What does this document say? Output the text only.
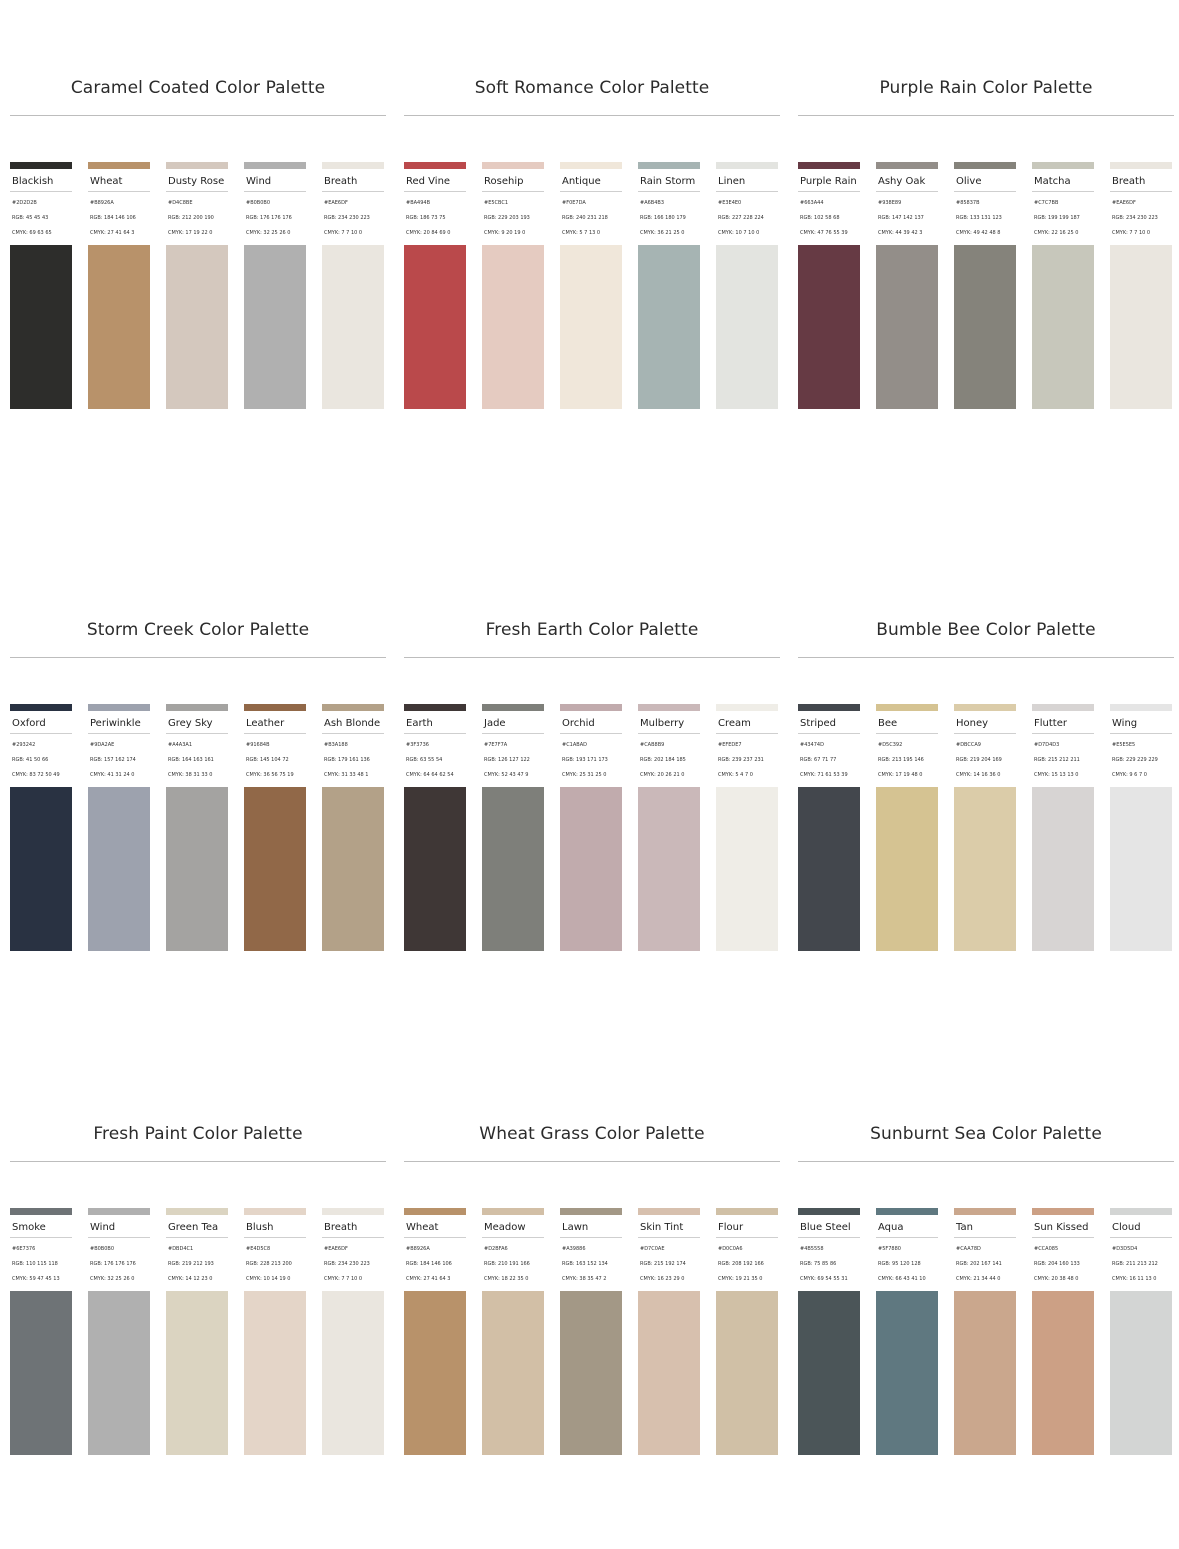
Caramel Coated Color Palette
Blackish
#2D2D2B
RGB: 45 45 43
CMYK: 69 63 65
Wheat
#B8926A
RGB: 184 146 106
CMYK: 27 41 64 3
Dusty Rose
#D4C8BE
RGB: 212 200 190
CMYK: 17 19 22 0
Wind
#B0B0B0
RGB: 176 176 176
CMYK: 32 25 26 0
Breath
#EAE6DF
RGB: 234 230 223
CMYK: 7 7 10 0
Soft Romance Color Palette
Red Vine
#BA494B
RGB: 186 73 75
CMYK: 20 84 69 0
Rosehip
#E5CBC1
RGB: 229 203 193
CMYK: 9 20 19 0
Antique
#F0E7DA
RGB: 240 231 218
CMYK: 5 7 13 0
Rain Storm
#A6B4B3
RGB: 166 180 179
CMYK: 36 21 25 0
Linen
#E3E4E0
RGB: 227 228 224
CMYK: 10 7 10 0
Purple Rain Color Palette
Purple Rain
#663A44
RGB: 102 58 68
CMYK: 47 76 55 39
Ashy Oak
#938E89
RGB: 147 142 137
CMYK: 44 39 42 3
Olive
#85837B
RGB: 133 131 123
CMYK: 49 42 48 8
Matcha
#C7C7BB
RGB: 199 199 187
CMYK: 22 16 25 0
Breath
#EAE6DF
RGB: 234 230 223
CMYK: 7 7 10 0
Storm Creek Color Palette
Oxford
#293242
RGB: 41 50 66
CMYK: 83 72 50 49
Periwinkle
#9DA2AE
RGB: 157 162 174
CMYK: 41 31 24 0
Grey Sky
#A4A3A1
RGB: 164 163 161
CMYK: 38 31 33 0
Leather
#91684B
RGB: 145 104 72
CMYK: 36 56 75 19
Ash Blonde
#B3A188
RGB: 179 161 136
CMYK: 31 33 48 1
Fresh Earth Color Palette
Earth
#3F3736
RGB: 63 55 54
CMYK: 64 64 62 54
Jade
#7E7F7A
RGB: 126 127 122
CMYK: 52 43 47 9
Orchid
#C1ABAD
RGB: 193 171 173
CMYK: 25 31 25 0
Mulberry
#CAB8B9
RGB: 202 184 185
CMYK: 20 26 21 0
Cream
#EFEDE7
RGB: 239 237 231
CMYK: 5 4 7 0
Bumble Bee Color Palette
Striped
#43474D
RGB: 67 71 77
CMYK: 71 61 53 39
Bee
#D5C392
RGB: 213 195 146
CMYK: 17 19 48 0
Honey
#DBCCA9
RGB: 219 204 169
CMYK: 14 16 36 0
Flutter
#D7D4D3
RGB: 215 212 211
CMYK: 15 13 13 0
Wing
#E5E5E5
RGB: 229 229 229
CMYK: 9 6 7 0
Fresh Paint Color Palette
Smoke
#6E7376
RGB: 110 115 118
CMYK: 59 47 45 13
Wind
#B0B0B0
RGB: 176 176 176
CMYK: 32 25 26 0
Green Tea
#DBD4C1
RGB: 219 212 193
CMYK: 14 12 23 0
Blush
#E4D5C8
RGB: 228 213 200
CMYK: 10 14 19 0
Breath
#EAE6DF
RGB: 234 230 223
CMYK: 7 7 10 0
Wheat Grass Color Palette
Wheat
#B8926A
RGB: 184 146 106
CMYK: 27 41 64 3
Meadow
#D2BFA6
RGB: 210 191 166
CMYK: 18 22 35 0
Lawn
#A39886
RGB: 163 152 134
CMYK: 38 35 47 2
Skin Tint
#D7C0AE
RGB: 215 192 174
CMYK: 16 23 29 0
Flour
#D0C0A6
RGB: 208 192 166
CMYK: 19 21 35 0
Sunburnt Sea Color Palette
Blue Steel
#4B5558
RGB: 75 85 86
CMYK: 69 54 55 31
Aqua
#5F7880
RGB: 95 120 128
CMYK: 66 43 41 10
Tan
#CAA78D
RGB: 202 167 141
CMYK: 21 34 44 0
Sun Kissed
#CCA085
RGB: 204 160 133
CMYK: 20 38 48 0
Cloud
#D3D5D4
RGB: 211 213 212
CMYK: 16 11 13 0
